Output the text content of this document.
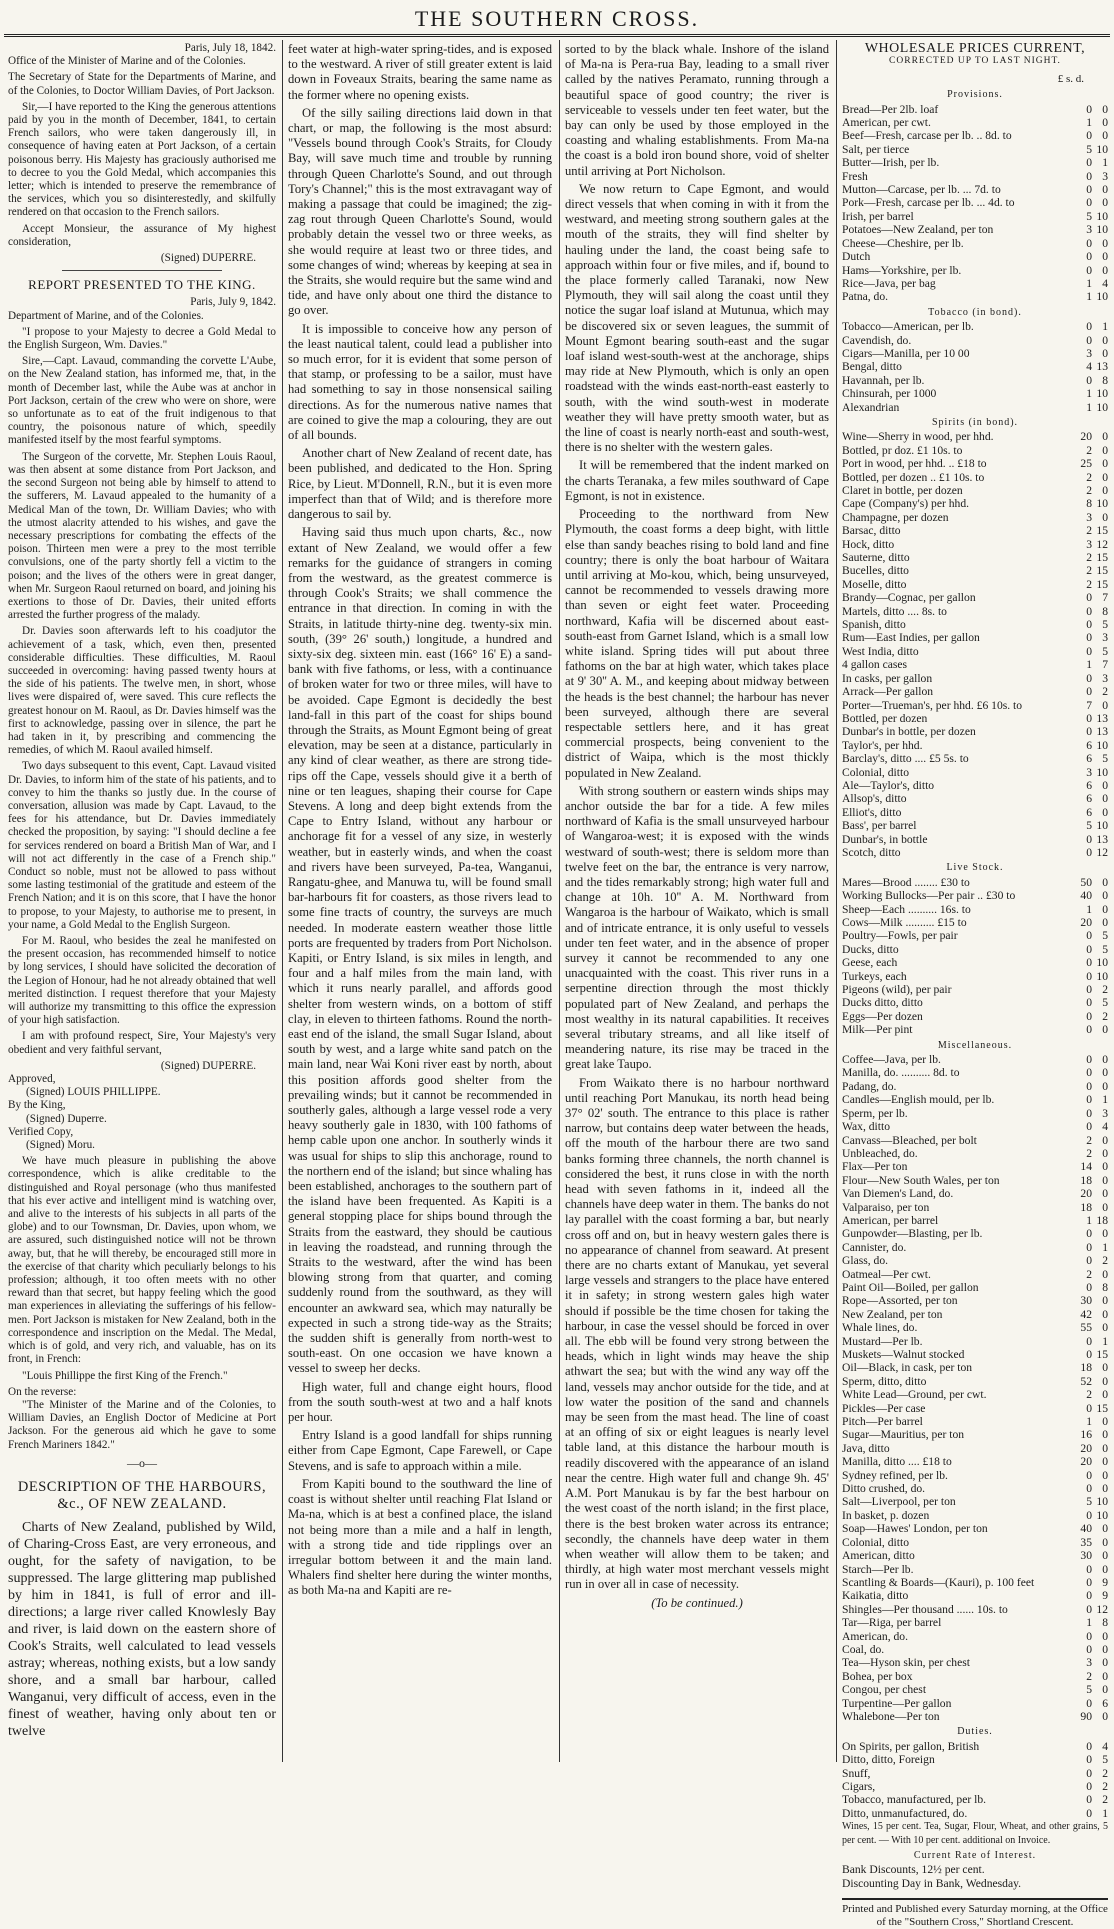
THE SOUTHERN CROSS.
Paris, July 18, 1842.

Office of the Minister of Marine and of the Colonies.

The Secretary of State for the Departments of Marine, and of the Colonies, to Doctor William Davies, of Port Jackson.

Sir,—I have reported to the King the generous attentions paid by you in the month of December, 1841, to certain French sailors, who were taken dangerously ill, in consequence of having eaten at Port Jackson, of a certain poisonous berry. His Majesty has graciously authorised me to decree to you the Gold Medal, which accompanies this letter; which is intended to preserve the remembrance of the services, which you so disinterestedly, and skilfully rendered on that occasion to the French sailors.

Accept Monsieur, the assurance of My highest consideration,

(Signed) DUPERRE.
REPORT PRESENTED TO THE KING.
Paris, July 9, 1842.

Department of Marine, and of the Colonies.

"I propose to your Majesty to decree a Gold Medal to the English Surgeon, Wm. Davies."

Sire,—Capt. Lavaud, commanding the corvette L'Aube, on the New Zealand station, has informed me, that, in the month of December last, while the Aube was at anchor in Port Jackson, certain of the crew who were on shore, were so unfortunate as to eat of the fruit indigenous to that country, the poisonous nature of which, speedily manifested itself by the most fearful symptoms.

The Surgeon of the corvette, Mr. Stephen Louis Raoul, was then absent at some distance from Port Jackson, and the second Surgeon not being able by himself to attend to the sufferers, M. Lavaud appealed to the humanity of a Medical Man of the town, Dr. William Davies; who with the utmost alacrity attended to his wishes, and gave the necessary prescriptions for combating the effects of the poison. Thirteen men were a prey to the most terrible convulsions, one of the party shortly fell a victim to the poison; and the lives of the others were in great danger, when Mr. Surgeon Raoul returned on board, and joining his exertions to those of Dr. Davies, their united efforts arrested the further progress of the malady.

Dr. Davies soon afterwards left to his coadjutor the achievement of a task, which, even then, presented considerable difficulties. These difficulties, M. Raoul succeeded in overcoming: having passed twenty hours at the side of his patients. The twelve men, in short, whose lives were dispaired of, were saved. This cure reflects the greatest honour on M. Raoul, as Dr. Davies himself was the first to acknowledge, passing over in silence, the part he had taken in it, by prescribing and commencing the remedies, of which M. Raoul availed himself.

Two days subsequent to this event, Capt. Lavaud visited Dr. Davies, to inform him of the state of his patients, and to convey to him the thanks so justly due. In the course of conversation, allusion was made by Capt. Lavaud, to the fees for his attendance, but Dr. Davies immediately checked the proposition, by saying: "I should decline a fee for services rendered on board a British Man of War, and I will not act differently in the case of a French ship." Conduct so noble, must not be allowed to pass without some lasting testimonial of the gratitude and esteem of the French Nation; and it is on this score, that I have the honor to propose, to your Majesty, to authorise me to present, in your name, a Gold Medal to the English Surgeon.

For M. Raoul, who besides the zeal he manifested on the present occasion, has recommended himself to notice by long services, I should have solicited the decoration of the Legion of Honour, had he not already obtained that well merited distinction. I request therefore that your Majesty will authorize my transmitting to this office the expression of your high satisfaction.

I am with profound respect, Sire, Your Majesty's very obedient and very faithful servant,

(Signed) DUPERRE.
Approved,
(Signed) LOUIS PHILLIPPE.
By the King,
(Signed) Duperre.
Verified Copy,
(Signed) Moru.

We have much pleasure in publishing the above correspondence, which is alike creditable to the distinguished and Royal personage (who thus manifested that his ever active and intelligent mind is watching over, and alive to the interests of his subjects in all parts of the globe) and to our Townsman, Dr. Davies, upon whom, we are assured, such distinguished notice will not be thrown away, but, that he will thereby, be encouraged still more in the exercise of that charity which peculiarly belongs to his profession; although, it too often meets with no other reward than that secret, but happy feeling which the good man experiences in alleviating the sufferings of his fellow-men. Port Jackson is mistaken for New Zealand, both in the correspondence and inscription on the Medal. The Medal, which is of gold, and very rich, and valuable, has on its front, in French:

"Louis Phillippe the first King of the French."

On the reverse:

"The Minister of the Marine and of the Colonies, to William Davies, an English Doctor of Medicine at Port Jackson. For the generous aid which he gave to some French Mariners 1842."

—o—
DESCRIPTION OF THE HARBOURS, &c., OF NEW ZEALAND.

Charts of New Zealand, published by Wild, of Charing-Cross East, are very erroneous, and ought, for the safety of navigation, to be suppressed. The large glittering map published by him in 1841, is full of error and ill-directions; a large river called Knowlesly Bay and river, is laid down on the eastern shore of Cook's Straits, well calculated to lead vessels astray; whereas, nothing exists, but a low sandy shore, and a small bar harbour, called Wanganui, very difficult of access, even in the finest of weather, having only about ten or twelve

feet water at high-water spring-tides, and is exposed to the westward. A river of still greater extent is laid down in Foveaux Straits, bearing the same name as the former where no opening exists.

Of the silly sailing directions laid down in that chart, or map, the following is the most absurd: "Vessels bound through Cook's Straits, for Cloudy Bay, will save much time and trouble by running through Queen Charlotte's Sound, and out through Tory's Channel;" this is the most extravagant way of making a passage that could be imagined; the zig-zag rout through Queen Charlotte's Sound, would probably detain the vessel two or three weeks, as she would require at least two or three tides, and some changes of wind; whereas by keeping at sea in the Straits, she would require but the same wind and tide, and have only about one third the distance to go over.

It is impossible to conceive how any person of the least nautical talent, could lead a publisher into so much error, for it is evident that some person of that stamp, or professing to be a sailor, must have had something to say in those nonsensical sailing directions. As for the numerous native names that are coined to give the map a colouring, they are out of all bounds.

Another chart of New Zealand of recent date, has been published, and dedicated to the Hon. Spring Rice, by Lieut. M'Donnell, R.N., but it is even more imperfect than that of Wild; and is therefore more dangerous to sail by.

Having said thus much upon charts, &c., now extant of New Zealand, we would offer a few remarks for the guidance of strangers in coming from the westward, as the greatest commerce is through Cook's Straits; we shall commence the entrance in that direction. In coming in with the Straits, in latitude thirty-nine deg. twenty-six min. south, (39° 26' south,) longitude, a hundred and sixty-six deg. sixteen min. east (166° 16' E) a sand-bank with five fathoms, or less, with a continuance of broken water for two or three miles, will have to be avoided. Cape Egmont is decidedly the best land-fall in this part of the coast for ships bound through the Straits, as Mount Egmont being of great elevation, may be seen at a distance, particularly in any kind of clear weather, as there are strong tide-rips off the Cape, vessels should give it a berth of nine or ten leagues, shaping their course for Cape Stevens. A long and deep bight extends from the Cape to Entry Island, without any harbour or anchorage fit for a vessel of any size, in westerly weather, but in easterly winds, and when the coast and rivers have been surveyed, Pa-tea, Wanganui, Rangatu-ghee, and Manuwa tu, will be found small bar-harbours fit for coasters, as those rivers lead to some fine tracts of country, the surveys are much needed. In moderate eastern weather those little ports are frequented by traders from Port Nicholson. Kapiti, or Entry Island, is six miles in length, and four and a half miles from the main land, with which it runs nearly parallel, and affords good shelter from western winds, on a bottom of stiff clay, in eleven to thirteen fathoms. Round the north-east end of the island, the small Sugar Island, about south by west, and a large white sand patch on the main land, near Wai Koni river east by north, about this position affords good shelter from the prevailing winds; but it cannot be recommended in southerly gales, although a large vessel rode a very heavy southerly gale in 1830, with 100 fathoms of hemp cable upon one anchor. In southerly winds it was usual for ships to slip this anchorage, round to the northern end of the island; but since whaling has been established, anchorages to the southern part of the island have been frequented. As Kapiti is a general stopping place for ships bound through the Straits from the eastward, they should be cautious in leaving the roadstead, and running through the Straits to the westward, after the wind has been blowing strong from that quarter, and coming suddenly round from the southward, as they will encounter an awkward sea, which may naturally be expected in such a strong tide-way as the Straits; the sudden shift is generally from north-west to south-east. On one occasion we have known a vessel to sweep her decks.

High water, full and change eight hours, flood from the south south-west at two and a half knots per hour.

Entry Island is a good landfall for ships running either from Cape Egmont, Cape Farewell, or Cape Stevens, and is safe to approach within a mile.

From Kapiti bound to the southward the line of coast is without shelter until reaching Flat Island or Ma-na, which is at best a confined place, the island not being more than a mile and a half in length, with a strong tide and tide ripplings over an irregular bottom between it and the main land. Whalers find shelter here during the winter months, as both Ma-na and Kapiti are re-

sorted to by the black whale. Inshore of the island of Ma-na is Pera-rua Bay, leading to a small river called by the natives Peramato, running through a beautiful space of good country; the river is serviceable to vessels under ten feet water, but the bay can only be used by those employed in the coasting and whaling establishments. From Ma-na the coast is a bold iron bound shore, void of shelter until arriving at Port Nicholson.

We now return to Cape Egmont, and would direct vessels that when coming in with it from the westward, and meeting strong southern gales at the mouth of the straits, they will find shelter by hauling under the land, the coast being safe to approach within four or five miles, and if, bound to the place formerly called Taranaki, now New Plymouth, they will sail along the coast until they notice the sugar loaf island at Mutunua, which may be discovered six or seven leagues, the summit of Mount Egmont bearing south-east and the sugar loaf island west-south-west at the anchorage, ships may ride at New Plymouth, which is only an open roadstead with the winds east-north-east easterly to south, with the wind south-west in moderate weather they will have pretty smooth water, but as the line of coast is nearly north-east and south-west, there is no shelter with the western gales.

It will be remembered that the indent marked on the charts Teranaka, a few miles southward of Cape Egmont, is not in existence.

Proceeding to the northward from New Plymouth, the coast forms a deep bight, with little else than sandy beaches rising to bold land and fine country; there is only the boat harbour of Waitara until arriving at Mo-kou, which, being unsurveyed, cannot be recommended to vessels drawing more than seven or eight feet water. Proceeding northward, Kafia will be discerned about east-south-east from Garnet Island, which is a small low white island. Spring tides will put about three fathoms on the bar at high water, which takes place at 9' 30'' A. M., and keeping about midway between the heads is the best channel; the harbour has never been surveyed, although there are several respectable settlers here, and it has great commercial prospects, being convenient to the district of Waipa, which is the most thickly populated in New Zealand.

With strong southern or eastern winds ships may anchor outside the bar for a tide. A few miles northward of Kafia is the small unsurveyed harbour of Wangaroa-west; it is exposed with the winds westward of south-west; there is seldom more than twelve feet on the bar, the entrance is very narrow, and the tides remarkably strong; high water full and change at 10h. 10'' A. M. Northward from Wangaroa is the harbour of Waikato, which is small and of intricate entrance, it is only useful to vessels under ten feet water, and in the absence of proper survey it cannot be recommended to any one unacquainted with the coast. This river runs in a serpentine direction through the most thickly populated part of New Zealand, and perhaps the most wealthy in its natural capabilities. It receives several tributary streams, and all like itself of meandering nature, its rise may be traced in the great lake Taupo.

From Waikato there is no harbour northward until reaching Port Manukau, its north head being 37° 02' south. The entrance to this place is rather narrow, but contains deep water between the heads, off the mouth of the harbour there are two sand banks forming three channels, the north channel is considered the best, it runs close in with the north head with seven fathoms in it, indeed all the channels have deep water in them. The banks do not lay parallel with the coast forming a bar, but nearly cross off and on, but in heavy western gales there is no appearance of channel from seaward. At present there are no charts extant of Manukau, yet several large vessels and strangers to the place have entered it in safety; in strong western gales high water should if possible be the time chosen for taking the harbour, in case the vessel should be forced in over all. The ebb will be found very strong between the heads, which in light winds may heave the ship athwart the sea; but with the wind any way off the land, vessels may anchor outside for the tide, and at low water the position of the sand and channels may be seen from the mast head. The line of coast at an offing of six or eight leagues is nearly level table land, at this distance the harbour mouth is readily discovered with the appearance of an island near the centre. High water full and change 9h. 45' A.M. Port Manukau is by far the best harbour on the west coast of the north island; in the first place, there is the best broken water across its entrance; secondly, the channels have deep water in them when weather will allow them to be taken; and thirdly, at high water most merchant vessels might run in over all in case of necessity.

(To be continued.)
WHOLESALE PRICES CURRENT,
CORRECTED UP TO LAST NIGHT.
£ s. d.
Provisions.
Bread—Per 2lb. loaf	0 0
American, per cwt.	1 0
Beef—Fresh, carcase per lb. .. 8d. to	0 0
Salt, per tierce	5 10
Butter—Irish, per lb.	0 1
Fresh	0 3
Mutton—Carcase, per lb. ... 7d. to	0 0
Pork—Fresh, carcase per lb. ... 4d. to	0 0
Irish, per barrel	5 10
Potatoes—New Zealand, per ton	3 10
Cheese—Cheshire, per lb.	0 0
Dutch	0 0
Hams—Yorkshire, per lb.	0 0
Rice—Java, per bag	1 4
Patna, do.	1 10
Tobacco (in bond).
Tobacco—American, per lb.	0 1
Cavendish, do.	0 0
Cigars—Manilla, per 10 00	3 0
Bengal, ditto	4 13
Havannah, per lb.	0 8
Chinsurah, per 1000	1 10
Alexandrian	1 10
Spirits (in bond).
Wine—Sherry in wood, per hhd.	20 0
Bottled, pr doz. £1 10s. to	2 0
Port in wood, per hhd. .. £18 to	25 0
Bottled, per dozen .. £1 10s. to	2 0
Claret in bottle, per dozen	2 0
Cape (Company's) per hhd.	8 10
Champagne, per dozen	3 0
Barsac, ditto	2 15
Hock, ditto	3 12
Sauterne, ditto	2 15
Bucelles, ditto	2 15
Moselle, ditto	2 15
Brandy—Cognac, per gallon	0 7
Martels, ditto .... 8s. to	0 8
Spanish, ditto	0 5
Rum—East Indies, per gallon	0 3
West India, ditto	0 5
4 gallon cases	1 7
In casks, per gallon	0 3
Arrack—Per gallon	0 2
Porter—Trueman's, per hhd. £6 10s. to	7 0
Bottled, per dozen	0 13
Dunbar's in bottle, per dozen	0 13
Taylor's, per hhd.	6 10
Barclay's, ditto .... £5 5s. to	6 5
Colonial, ditto	3 10
Ale—Taylor's, ditto	6 0
Allsop's, ditto	6 0
Elliot's, ditto	6 0
Bass', per barrel	5 10
Dunbar's, in bottle	0 13
Scotch, ditto	0 12
Live Stock.
Mares—Brood ........ £30 to	50 0
Working Bullocks—Per pair .. £30 to	40 0
Sheep—Each .......... 16s. to	1 0
Cows—Milk .......... £15 to	20 0
Poultry—Fowls, per pair	0 5
Ducks, ditto	0 5
Geese, each	0 10
Turkeys, each	0 10
Pigeons (wild), per pair	0 2
Ducks ditto, ditto	0 5
Eggs—Per dozen	0 2
Milk—Per pint	0 0
Miscellaneous.
Coffee—Java, per lb.	0 0
Manilla, do. .......... 8d. to	0 0
Padang, do.	0 0
Candles—English mould, per lb.	0 1
Sperm, per lb.	0 3
Wax, ditto	0 4
Canvass—Bleached, per bolt	2 0
Unbleached, do.	2 0
Flax—Per ton	14 0
Flour—New South Wales, per ton	18 0
Van Diemen's Land, do.	20 0
Valparaiso, per ton	18 0
American, per barrel	1 18
Gunpowder—Blasting, per lb.	0 0
Cannister, do.	0 1
Glass, do.	0 2
Oatmeal—Per cwt.	2 0
Paint Oil—Boiled, per gallon	0 8
Rope—Assorted, per ton	30 0
New Zealand, per ton	42 0
Whale lines, do.	55 0
Mustard—Per lb.	0 1
Muskets—Walnut stocked	0 15
Oil—Black, in cask, per ton	18 0
Sperm, ditto, ditto	52 0
White Lead—Ground, per cwt.	2 0
Pickles—Per case	0 15
Pitch—Per barrel	1 0
Sugar—Mauritius, per ton	16 0
Java, ditto	20 0
Manilla, ditto .... £18 to	20 0
Sydney refined, per lb.	0 0
Ditto crushed, do.	0 0
Salt—Liverpool, per ton	5 10
In basket, p. dozen	0 10
Soap—Hawes' London, per ton	40 0
Colonial, ditto	35 0
American, ditto	30 0
Starch—Per lb.	0 0
Scantling & Boards—(Kauri), p. 100 feet	0 9
Kaikatia, ditto	0 9
Shingles—Per thousand ...... 10s. to	0 12
Tar—Riga, per barrel	1 8
American, do.	0 0
Coal, do.	0 0
Tea—Hyson skin, per chest	3 0
Bohea, per box	2 0
Congou, per chest	5 0
Turpentine—Per gallon	0 6
Whalebone—Per ton	90 0
Duties.
On Spirits, per gallon, British	0 4
Ditto, ditto, Foreign	0 5
Snuff,	0 2
Cigars,	0 2
Tobacco, manufactured, per lb.	0 2
Ditto, unmanufactured, do.	0 1
Wines, 15 per cent. Tea, Sugar, Flour, Wheat, and other grains, 5 per cent. — With 10 per cent. additional on Invoice.
Current Rate of Interest.
Bank Discounts, 12½ per cent.
Discounting Day in Bank, Wednesday.
Printed and Published every Saturday morning, at the Office of the "Southern Cross," Shortland Crescent.
